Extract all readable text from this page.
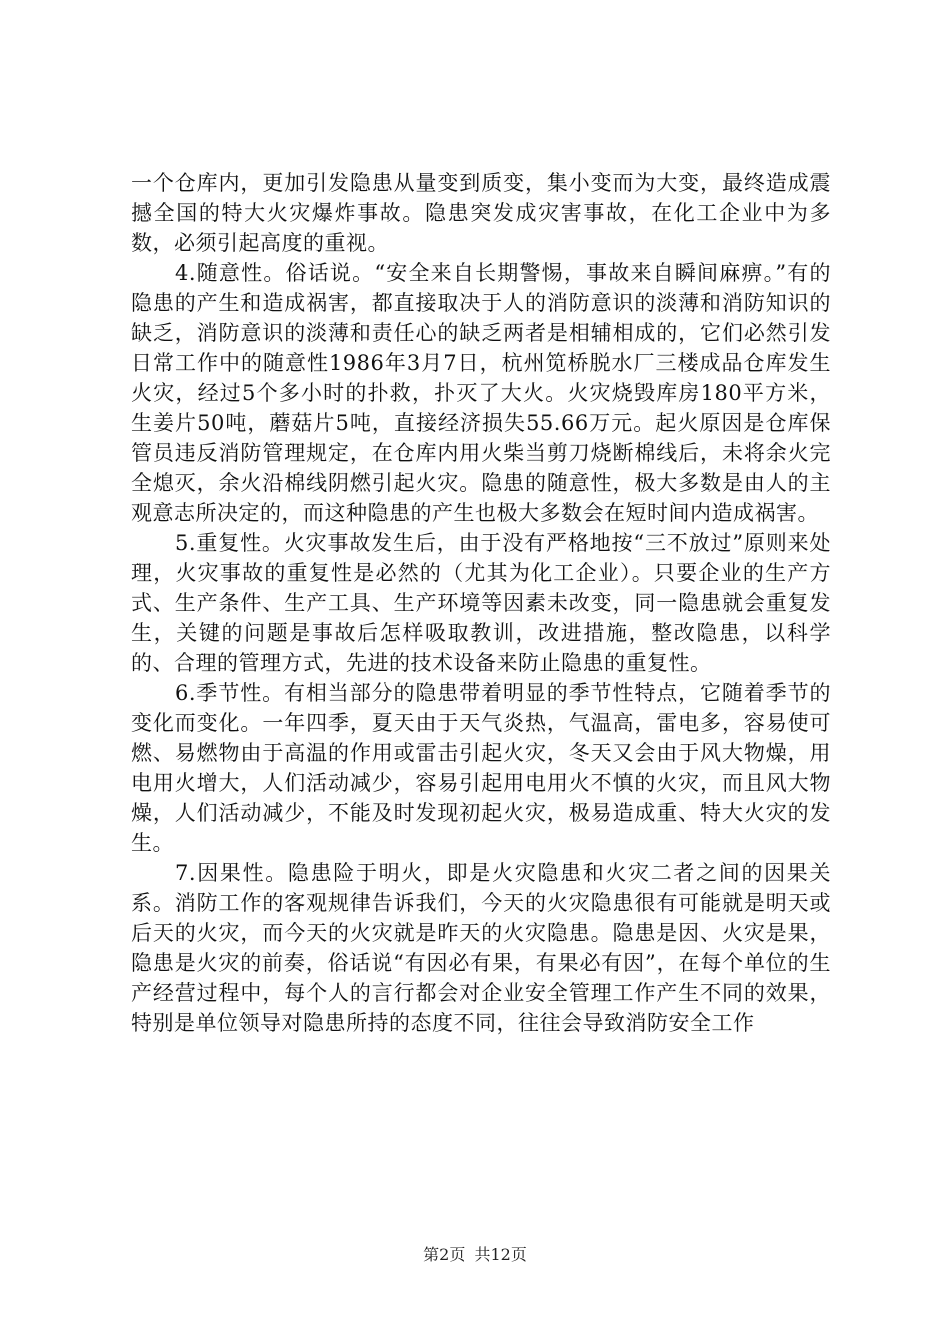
一个仓库内，更加引发隐患从量变到质变，集小变而为大变，最终造成震撼全国的特大火灾爆炸事故。隐患突发成灾害事故，在化工企业中为多数，必须引起高度的重视。

4.随意性。俗话说。“安全来自长期警惕，事故来自瞬间麻痹。”有的隐患的产生和造成祸害，都直接取决于人的消防意识的淡薄和消防知识的缺乏，消防意识的淡薄和责任心的缺乏两者是相辅相成的，它们必然引发日常工作中的随意性1986年3月7日，杭州笕桥脱水厂三楼成品仓库发生火灾，经过5个多小时的扑救，扑灭了大火。火灾烧毁库房180平方米，生姜片50吨，蘑菇片5吨，直接经济损失55.66万元。起火原因是仓库保管员违反消防管理规定，在仓库内用火柴当剪刀烧断棉线后，未将余火完全熄灭，余火沿棉线阴燃引起火灾。隐患的随意性，极大多数是由人的主观意志所决定的，而这种隐患的产生也极大多数会在短时间内造成祸害。

5.重复性。火灾事故发生后，由于没有严格地按“三不放过”原则来处理，火灾事故的重复性是必然的（尤其为化工企业）。只要企业的生产方式、生产条件、生产工具、生产环境等因素未改变，同一隐患就会重复发生，关键的问题是事故后怎样吸取教训，改进措施，整改隐患，以科学的、合理的管理方式，先进的技术设备来防止隐患的重复性。

6.季节性。有相当部分的隐患带着明显的季节性特点，它随着季节的变化而变化。一年四季，夏天由于天气炎热，气温高，雷电多，容易使可燃、易燃物由于高温的作用或雷击引起火灾，冬天又会由于风大物燥，用电用火增大，人们活动减少，容易引起用电用火不慎的火灾，而且风大物燥，人们活动减少，不能及时发现初起火灾，极易造成重、特大火灾的发生。

7.因果性。隐患险于明火，即是火灾隐患和火灾二者之间的因果关系。消防工作的客观规律告诉我们，今天的火灾隐患很有可能就是明天或后天的火灾，而今天的火灾就是昨天的火灾隐患。隐患是因、火灾是果，隐患是火灾的前奏，俗话说“有因必有果，有果必有因”，在每个单位的生产经营过程中，每个人的言行都会对企业安全管理工作产生不同的效果，特别是单位领导对隐患所持的态度不同，往往会导致消防安全工作

第2页 共12页
